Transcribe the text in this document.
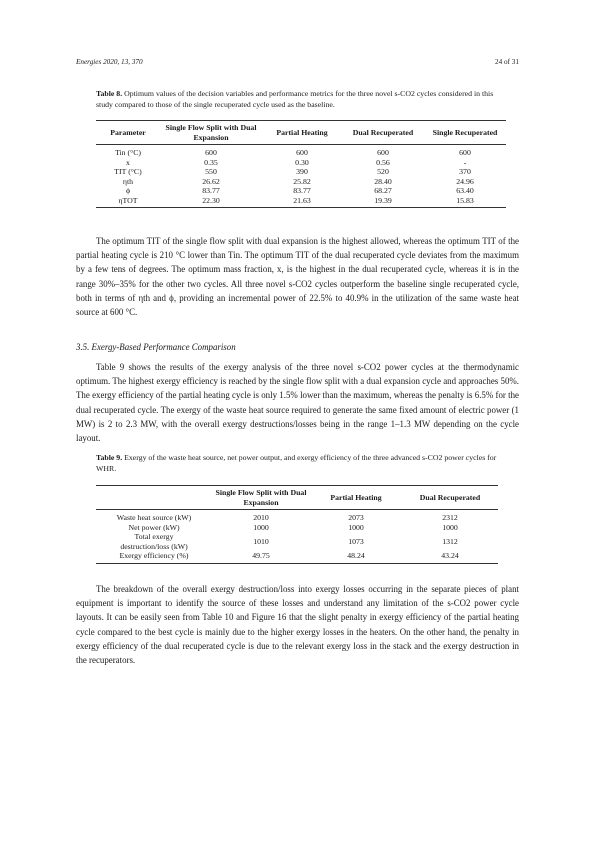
Energies 2020, 13, 370	24 of 31
Table 8. Optimum values of the decision variables and performance metrics for the three novel s-CO2 cycles considered in this study compared to those of the single recuperated cycle used as the baseline.
Parameter	Single Flow Split with Dual Expansion	Partial Heating	Dual Recuperated	Single Recuperated
Tin (°C)	600	600	600	600
x	0.35	0.30	0.56	-
TIT (°C)	550	390	520	370
ηth	26.62	25.82	28.40	24.96
ϕ	83.77	83.77	68.27	63.40
ηTOT	22.30	21.63	19.39	15.83
The optimum TIT of the single flow split with dual expansion is the highest allowed, whereas the optimum TIT of the partial heating cycle is 210 °C lower than Tin. The optimum TIT of the dual recuperated cycle deviates from the maximum by a few tens of degrees. The optimum mass fraction, x, is the highest in the dual recuperated cycle, whereas it is in the range 30%–35% for the other two cycles. All three novel s-CO2 cycles outperform the baseline single recuperated cycle, both in terms of ηth and ϕ, providing an incremental power of 22.5% to 40.9% in the utilization of the same waste heat source at 600 °C.
3.5. Exergy-Based Performance Comparison
Table 9 shows the results of the exergy analysis of the three novel s-CO2 power cycles at the thermodynamic optimum. The highest exergy efficiency is reached by the single flow split with a dual expansion cycle and approaches 50%. The exergy efficiency of the partial heating cycle is only 1.5% lower than the maximum, whereas the penalty is 6.5% for the dual recuperated cycle. The exergy of the waste heat source required to generate the same fixed amount of electric power (1 MW) is 2 to 2.3 MW, with the overall exergy destructions/losses being in the range 1–1.3 MW depending on the cycle layout.
Table 9. Exergy of the waste heat source, net power output, and exergy efficiency of the three advanced s-CO2 power cycles for WHR.
	Single Flow Split with Dual Expansion	Partial Heating	Dual Recuperated
Waste heat source (kW)	2010	2073	2312
Net power (kW)	1000	1000	1000
Total exergy destruction/loss (kW)	1010	1073	1312
Exergy efficiency (%)	49.75	48.24	43.24
The breakdown of the overall exergy destruction/loss into exergy losses occurring in the separate pieces of plant equipment is important to identify the source of these losses and understand any limitation of the s-CO2 power cycle layouts. It can be easily seen from Table 10 and Figure 16 that the slight penalty in exergy efficiency of the partial heating cycle compared to the best cycle is mainly due to the higher exergy losses in the heaters. On the other hand, the penalty in exergy efficiency of the dual recuperated cycle is due to the relevant exergy loss in the stack and the exergy destruction in the recuperators.
